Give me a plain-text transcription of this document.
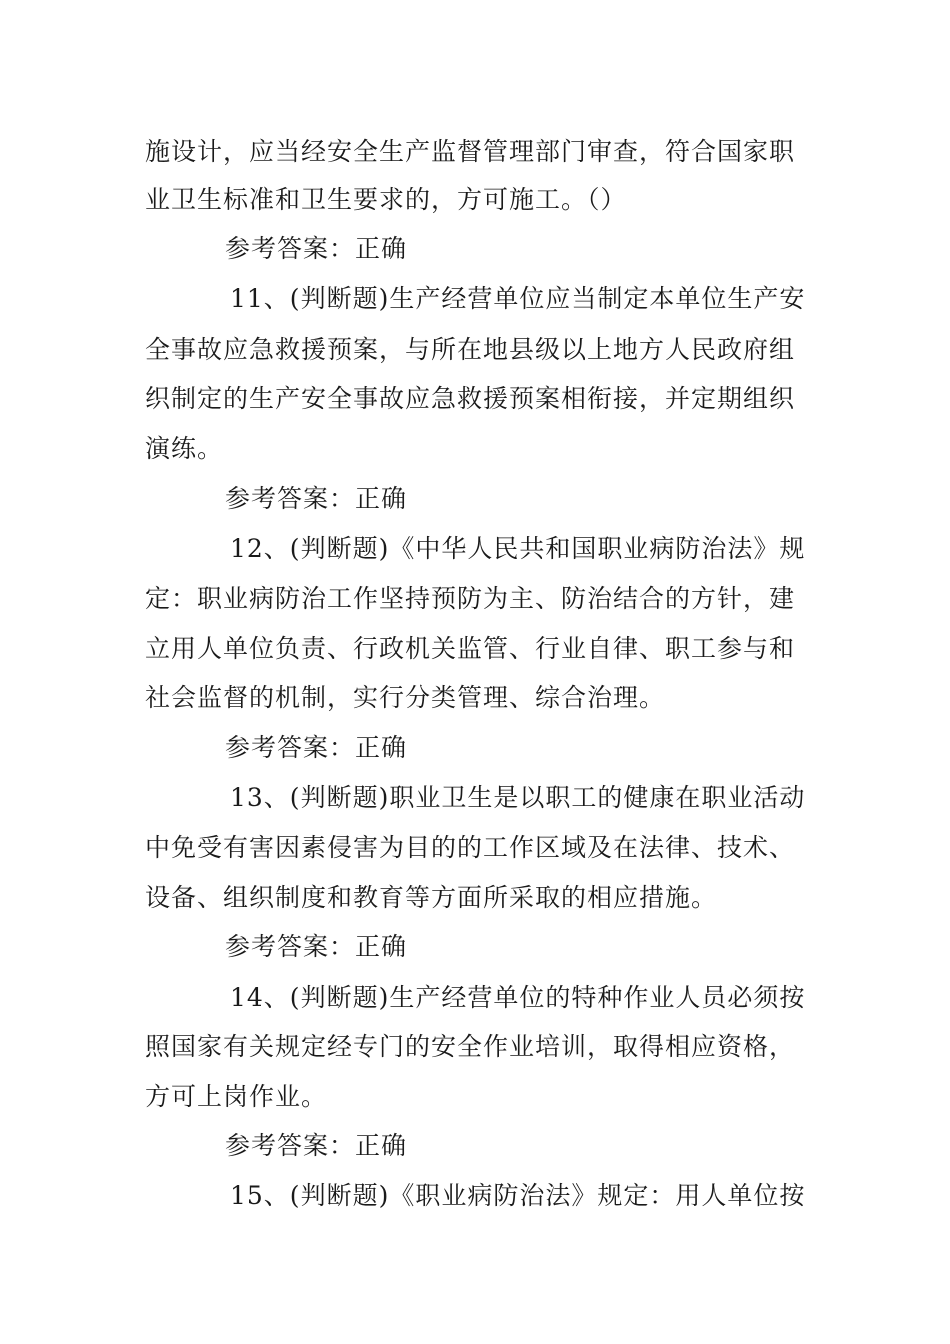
施设计，应当经安全生产监督管理部门审查，符合国家职
业卫生标准和卫生要求的，方可施工。（）
参考答案：正确
11、(判断题)生产经营单位应当制定本单位生产安
全事故应急救援预案，与所在地县级以上地方人民政府组
织制定的生产安全事故应急救援预案相衔接，并定期组织
演练。
参考答案：正确
12、(判断题)《中华人民共和国职业病防治法》规
定：职业病防治工作坚持预防为主、防治结合的方针，建
立用人单位负责、行政机关监管、行业自律、职工参与和
社会监督的机制，实行分类管理、综合治理。
参考答案：正确
13、(判断题)职业卫生是以职工的健康在职业活动
中免受有害因素侵害为目的的工作区域及在法律、技术、
设备、组织制度和教育等方面所采取的相应措施。
参考答案：正确
14、(判断题)生产经营单位的特种作业人员必须按
照国家有关规定经专门的安全作业培训，取得相应资格，
方可上岗作业。
参考答案：正确
15、(判断题)《职业病防治法》规定：用人单位按
